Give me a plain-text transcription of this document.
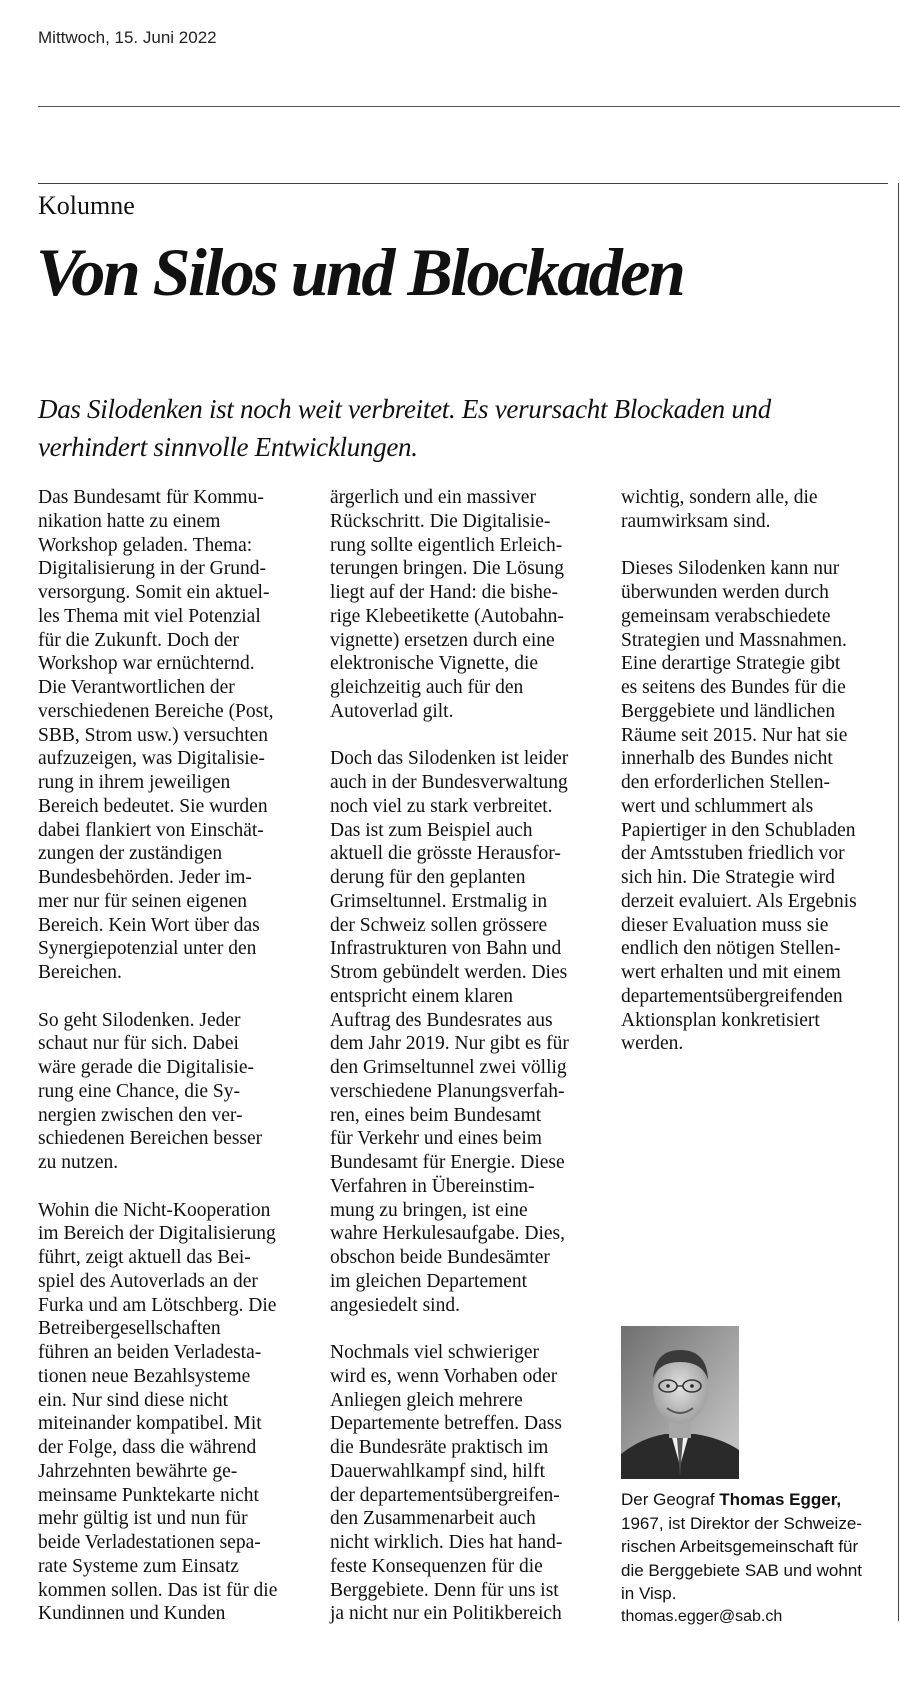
Mittwoch, 15. Juni 2022
Kolumne
Von Silos und Blockaden

Das Silodenken ist noch weit verbreitet. Es verursacht Blockaden und verhindert sinnvolle Entwicklungen.

Das Bundesamt für Kommu-
nikation hatte zu einem
Workshop geladen. Thema:
Digitalisierung in der Grund-
versorgung. Somit ein aktuel-
les Thema mit viel Potenzial
für die Zukunft. Doch der
Workshop war ernüchternd.
Die Verantwortlichen der
verschiedenen Bereiche (Post,
SBB, Strom usw.) versuchten
aufzuzeigen, was Digitalisie-
rung in ihrem jeweiligen
Bereich bedeutet. Sie wurden
dabei flankiert von Einschät-
zungen der zuständigen
Bundesbehörden. Jeder im-
mer nur für seinen eigenen
Bereich. Kein Wort über das
Synergiepotenzial unter den
Bereichen.

So geht Silodenken. Jeder
schaut nur für sich. Dabei
wäre gerade die Digitalisie-
rung eine Chance, die Sy-
nergien zwischen den ver-
schiedenen Bereichen besser
zu nutzen.

Wohin die Nicht-Kooperation
im Bereich der Digitalisierung
führt, zeigt aktuell das Bei-
spiel des Autoverlads an der
Furka und am Lötschberg. Die
Betreibergesellschaften
führen an beiden Verladesta-
tionen neue Bezahlsysteme
ein. Nur sind diese nicht
miteinander kompatibel. Mit
der Folge, dass die während
Jahrzehnten bewährte ge-
meinsame Punktekarte nicht
mehr gültig ist und nun für
beide Verladestationen sepa-
rate Systeme zum Einsatz
kommen sollen. Das ist für die
Kundinnen und Kunden

ärgerlich und ein massiver
Rückschritt. Die Digitalisie-
rung sollte eigentlich Erleich-
terungen bringen. Die Lösung
liegt auf der Hand: die bishe-
rige Klebeetikette (Autobahn-
vignette) ersetzen durch eine
elektronische Vignette, die
gleichzeitig auch für den
Autoverlad gilt.

Doch das Silodenken ist leider
auch in der Bundesverwaltung
noch viel zu stark verbreitet.
Das ist zum Beispiel auch
aktuell die grösste Herausfor-
derung für den geplanten
Grimseltunnel. Erstmalig in
der Schweiz sollen grössere
Infrastrukturen von Bahn und
Strom gebündelt werden. Dies
entspricht einem klaren
Auftrag des Bundesrates aus
dem Jahr 2019. Nur gibt es für
den Grimseltunnel zwei völlig
verschiedene Planungsverfah-
ren, eines beim Bundesamt
für Verkehr und eines beim
Bundesamt für Energie. Diese
Verfahren in Übereinstim-
mung zu bringen, ist eine
wahre Herkulesaufgabe. Dies,
obschon beide Bundesämter
im gleichen Departement
angesiedelt sind.

Nochmals viel schwieriger
wird es, wenn Vorhaben oder
Anliegen gleich mehrere
Departemente betreffen. Dass
die Bundesräte praktisch im
Dauerwahlkampf sind, hilft
der departementsübergreifen-
den Zusammenarbeit auch
nicht wirklich. Dies hat hand-
feste Konsequenzen für die
Berggebiete. Denn für uns ist
ja nicht nur ein Politikbereich

wichtig, sondern alle, die
raumwirksam sind.

Dieses Silodenken kann nur
überwunden werden durch
gemeinsam verabschiedete
Strategien und Massnahmen.
Eine derartige Strategie gibt
es seitens des Bundes für die
Berggebiete und ländlichen
Räume seit 2015. Nur hat sie
innerhalb des Bundes nicht
den erforderlichen Stellen-
wert und schlummert als
Papiertiger in den Schubladen
der Amtsstuben friedlich vor
sich hin. Die Strategie wird
derzeit evaluiert. Als Ergebnis
dieser Evaluation muss sie
endlich den nötigen Stellen-
wert erhalten und mit einem
departementsübergreifenden
Aktionsplan konkretisiert
werden.

Der Geograf Thomas Egger,
1967, ist Direktor der Schweize-
rischen Arbeitsgemeinschaft für
die Berggebiete SAB und wohnt
in Visp.
thomas.egger@sab.ch
